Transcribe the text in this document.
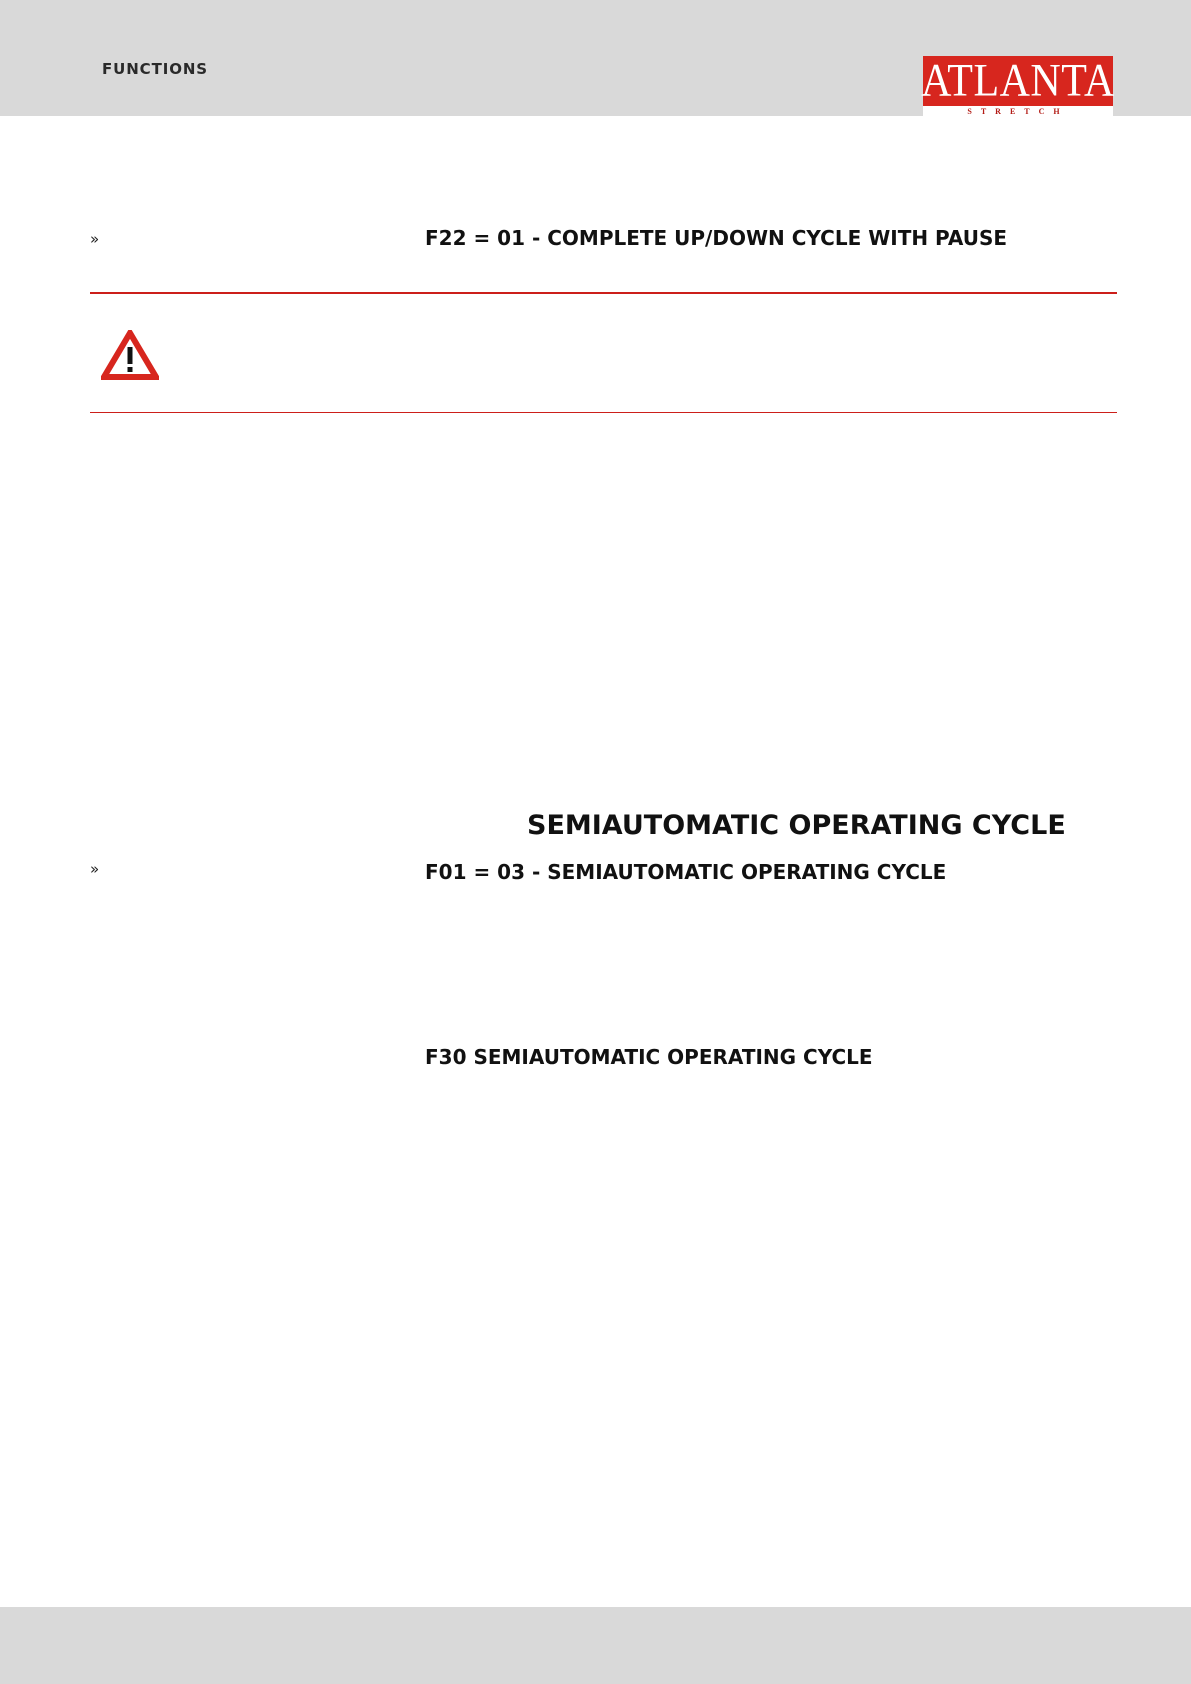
FUNCTIONS	ATLANTA
STRETCH
»	F22 = 01 - COMPLETE UP/DOWN CYCLE WITH PAUSE
SEMIAUTOMATIC OPERATING CYCLE
»	F01 = 03 - SEMIAUTOMATIC OPERATING CYCLE
F30 SEMIAUTOMATIC OPERATING CYCLE
